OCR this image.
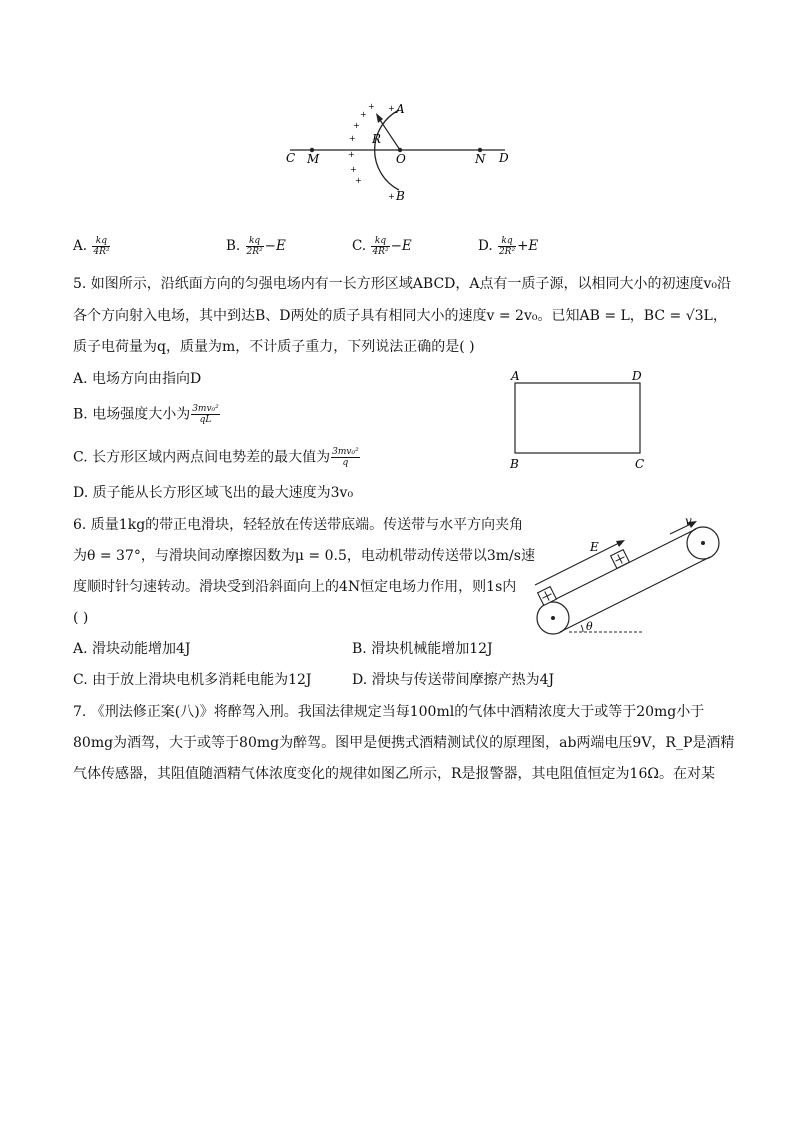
C M	O	N D
A
B
R
+
+
+
+
+
+
+
+
+
A. $\frac{kq}{\text{4R²}}$	B. $\frac{kq}{\text{2R²}} -E$	C. $\frac{kq}{\text{4R²}} -E$	D. $\frac{kq}{\text{2R²}} +E$
5. 如图所示，沿纸面方向的匀强电场内有一长方形区域ABCD，A点有一质子源，以相同大小的初速度v₀沿
各个方向射入电场，其中到达B、D两处的质子具有相同大小的速度v = 2v₀。已知AB = L，BC = √3L，
质子电荷量为q，质量为m，不计质子重力，下列说法正确的是( )
A. 电场方向由指向D
B. 电场强度大小为 $\frac{\text{3mv₀²}}{qL}$
C. 长方形区域内两点间电势差的最大值为 $\frac{\text{3mv₀²}}{q}$
D. 质子能从长方形区域飞出的最大速度为3v₀
A	D
B	C
6. 质量1kg的带正电滑块，轻轻放在传送带底端。传送带与水平方向夹角
为θ = 37°，与滑块间动摩擦因数为μ = 0.5，电动机带动传送带以3m/s速
度顺时针匀速转动。滑块受到沿斜面向上的4N恒定电场力作用，则1s内
( )
E
v
θ
A. 滑块动能增加4J	B. 滑块机械能增加12J
C. 由于放上滑块电机多消耗电能为12J	D. 滑块与传送带间摩擦产热为4J
7. 《刑法修正案(八)》将醉驾入刑。我国法律规定当每100ml的气体中酒精浓度大于或等于20mg小于
80mg为酒驾，大于或等于80mg为醉驾。图甲是便携式酒精测试仪的原理图，ab两端电压9V，R_P是酒精
气体传感器，其阻值随酒精气体浓度变化的规律如图乙所示，R是报警器，其电阻值恒定为16Ω。在对某
